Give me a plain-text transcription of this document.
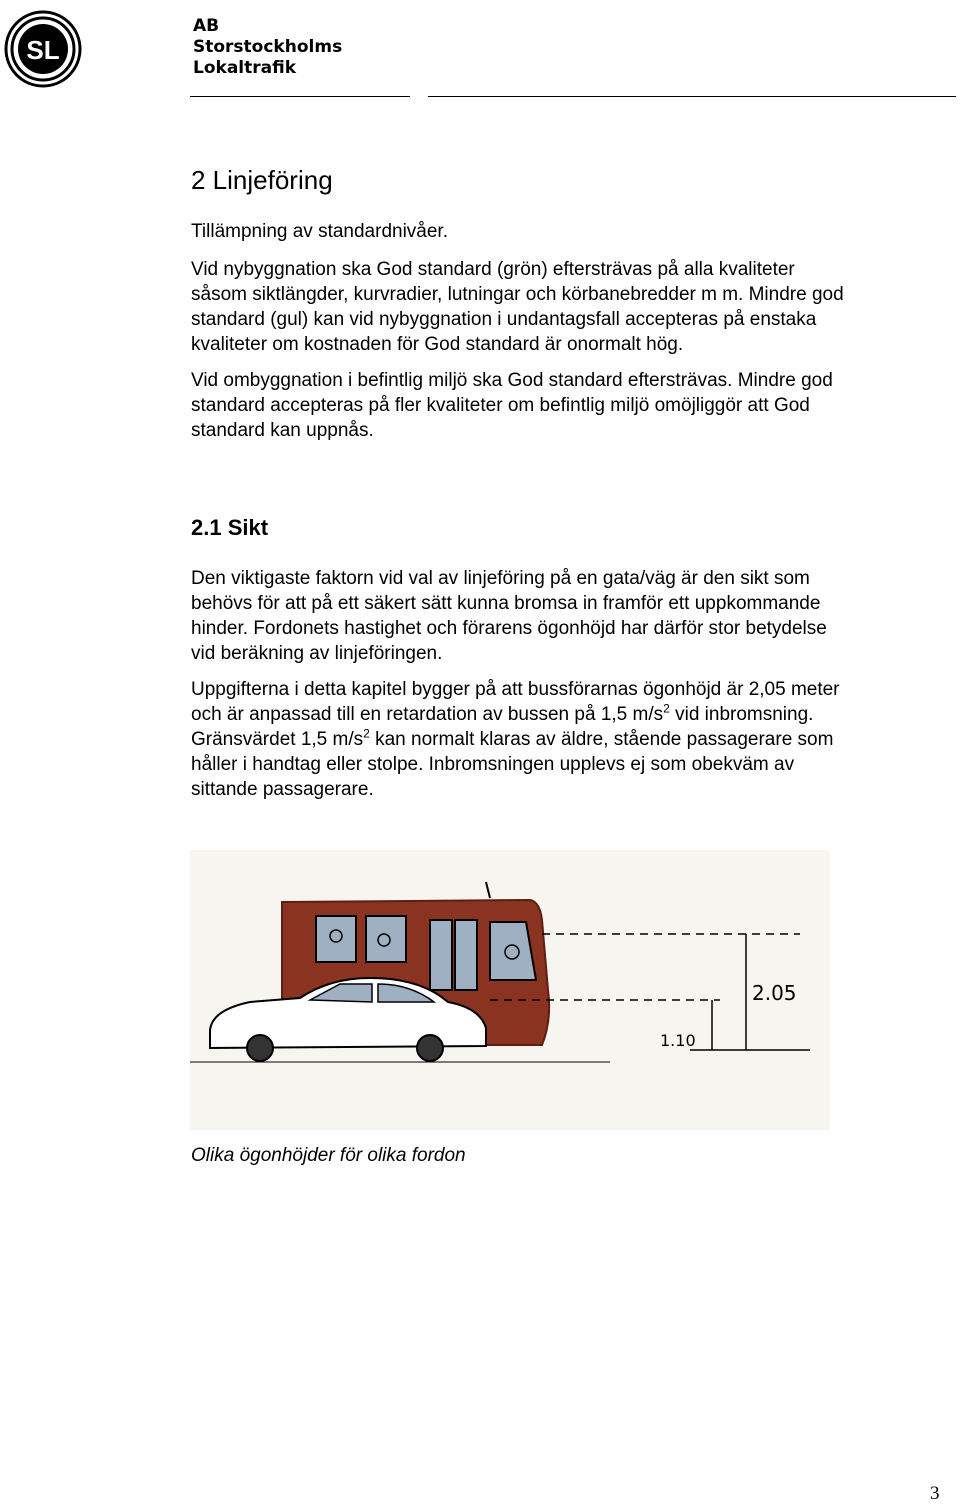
SL
AB
Storstockholms
Lokaltrafik
2 Linjeföring
Tillämpning av standardnivåer.
Vid nybyggnation ska God standard (grön) eftersträvas på alla kvaliteter
såsom siktlängder, kurvradier, lutningar och körbanebredder m m. Mindre god
standard (gul) kan vid nybyggnation i undantagsfall accepteras på enstaka
kvaliteter om kostnaden för God standard är onormalt hög.
Vid ombyggnation i befintlig miljö ska God standard eftersträvas. Mindre god
standard accepteras på fler kvaliteter om befintlig miljö omöjliggör att God
standard kan uppnås.
2.1 Sikt
Den viktigaste faktorn vid val av linjeföring på en gata/väg är den sikt som
behövs för att på ett säkert sätt kunna bromsa in framför ett uppkommande
hinder. Fordonets hastighet och förarens ögonhöjd har därför stor betydelse
vid beräkning av linjeföringen.
Uppgifterna i detta kapitel bygger på att bussförarnas ögonhöjd är 2,05 meter
och är anpassad till en retardation av bussen på 1,5 $m/s^2$ vid inbromsning.
Gränsvärdet 1,5 $m/s^2$ kan normalt klaras av äldre, stående passagerare som
håller i handtag eller stolpe. Inbromsningen upplevs ej som obekväm av
sittande passagerare.
2.05
1.10
Olika ögonhöjder för olika fordon
3
